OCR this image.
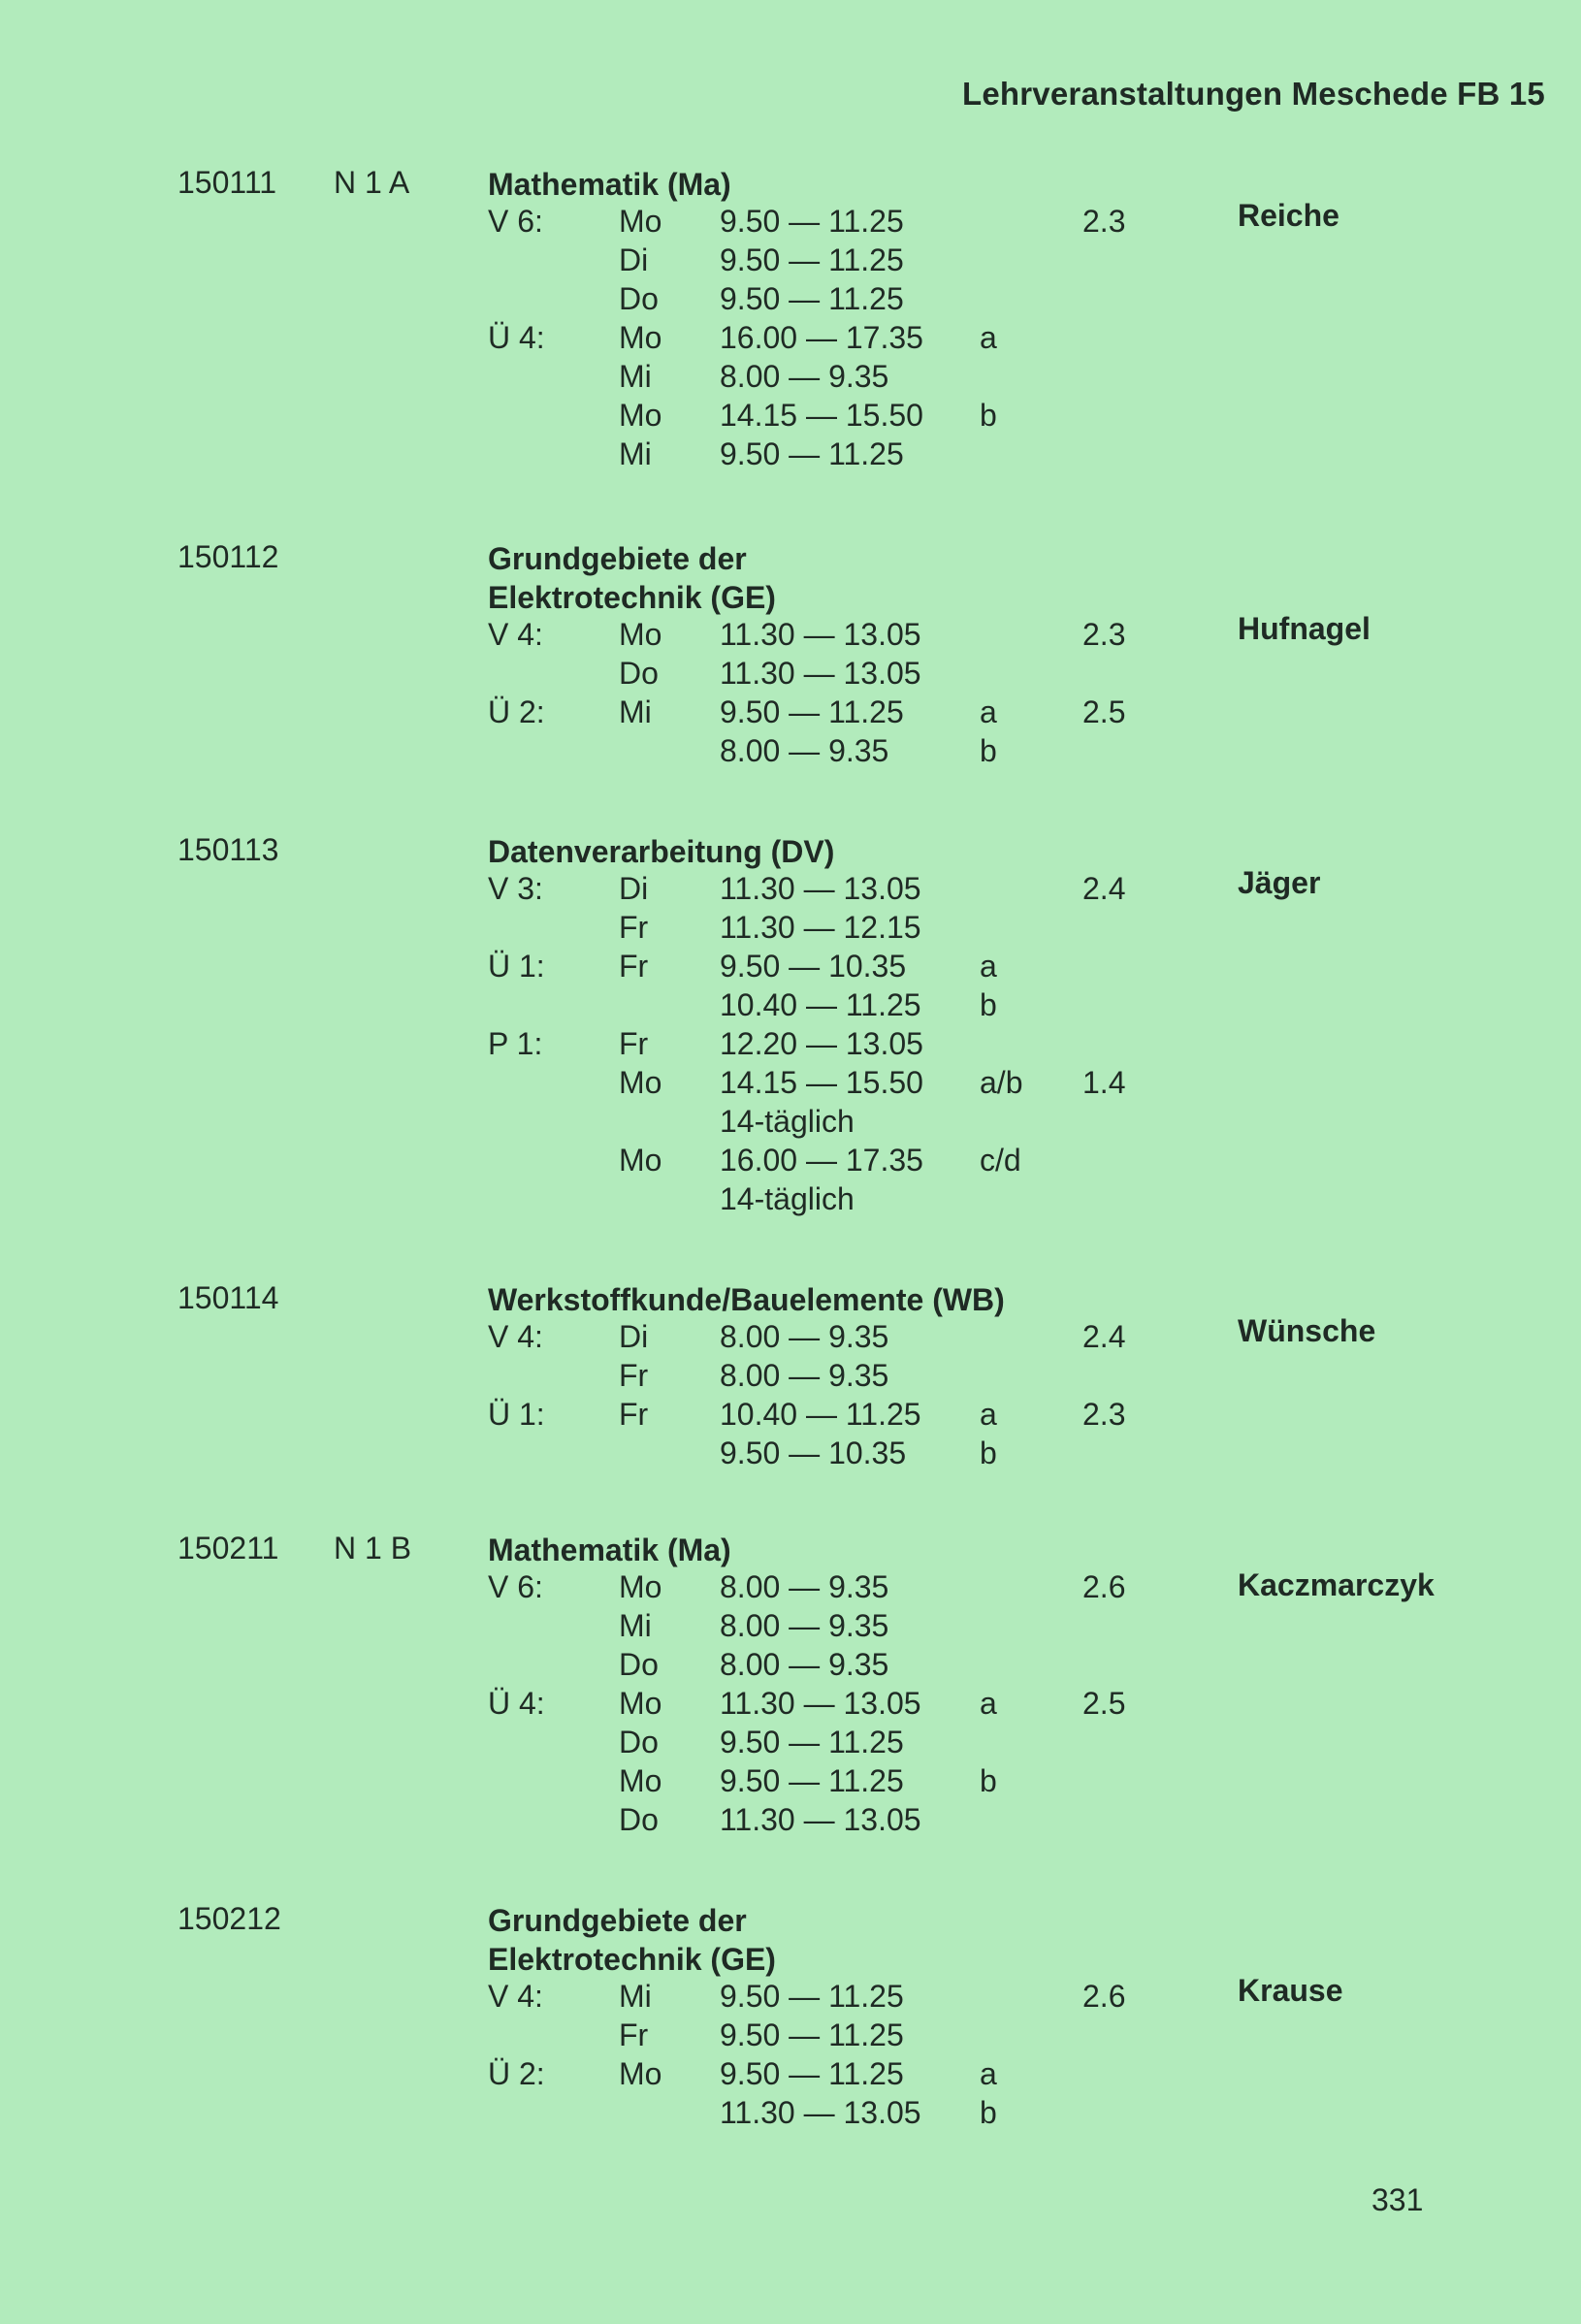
Lehrveranstaltungen Meschede FB 15
150111 N 1 A	Mathematik (Ma)
Reiche
V 6: Mo 9.50 — 11.25	2.3
Di 9.50 — 11.25
Do 9.50 — 11.25
Ü 4: Mo 16.00 — 17.35 a
Mi 8.00 — 9.35
Mo 14.15 — 15.50 b
Mi 9.50 — 11.25
150112	Grundgebiete der
Elektrotechnik (GE)
Hufnagel
V 4: Mo 11.30 — 13.05	2.3
Do 11.30 — 13.05
Ü 2: Mi 9.50 — 11.25 a	2.5
8.00 — 9.35	b
150113	Datenverarbeitung (DV)
Jäger
V 3: Di 11.30 — 13.05	2.4
Fr 11.30 — 12.15
Ü 1: Fr 9.50 — 10.35 a
10.40 — 11.25 b
P 1: Fr 12.20 — 13.05
Mo 14.15 — 15.50 a/b 1.4
14-täglich
Mo 16.00 — 17.35 c/d
14-täglich
150114	Werkstoffkunde/Bauelemente (WB)
Wünsche
V 4: Di 8.00 — 9.35	2.4
Fr 8.00 — 9.35
Ü 1: Fr 10.40 — 11.25 a	2.3
9.50 — 10.35 b
150211 N 1 B Mathematik (Ma)
Kaczmarczyk
V 6: Mo 8.00 — 9.35	2.6
Mi 8.00 — 9.35
Do 8.00 — 9.35
Ü 4: Mo 11.30 — 13.05 a	2.5
Do 9.50 — 11.25
Mo 9.50 — 11.25 b
Do 11.30 — 13.05
150212	Grundgebiete der
Elektrotechnik (GE)
Krause
V 4: Mi 9.50 — 11.25	2.6
Fr 9.50 — 11.25
Ü 2: Mo 9.50 — 11.25 a
11.30 — 13.05 b
331
